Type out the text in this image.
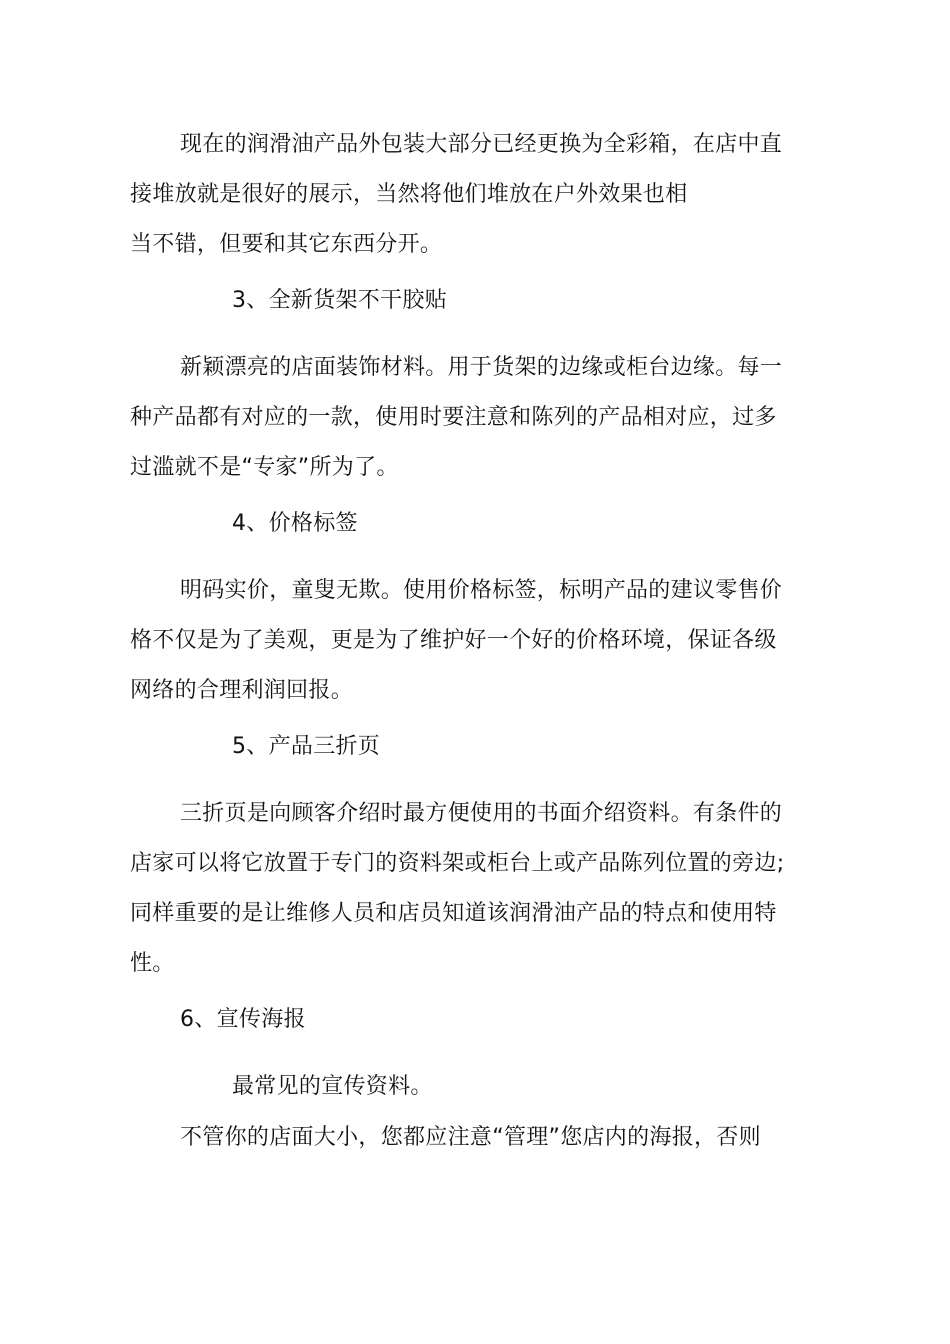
现在的润滑油产品外包装大部分已经更换为全彩箱，在店中直

接堆放就是很好的展示，当然将他们堆放在户外效果也相

当不错，但要和其它东西分开。

3、全新货架不干胶贴

新颖漂亮的店面装饰材料。用于货架的边缘或柜台边缘。每一

种产品都有对应的一款，使用时要注意和陈列的产品相对应，过多

过滥就不是“专家”所为了。

4、价格标签

明码实价，童叟无欺。使用价格标签，标明产品的建议零售价

格不仅是为了美观，更是为了维护好一个好的价格环境，保证各级

网络的合理利润回报。

5、产品三折页

三折页是向顾客介绍时最方便使用的书面介绍资料。有条件的

店家可以将它放置于专门的资料架或柜台上或产品陈列位置的旁边;

同样重要的是让维修人员和店员知道该润滑油产品的特点和使用特

性。

6、宣传海报

最常见的宣传资料。

不管你的店面大小，您都应注意“管理”您店内的海报，否则
